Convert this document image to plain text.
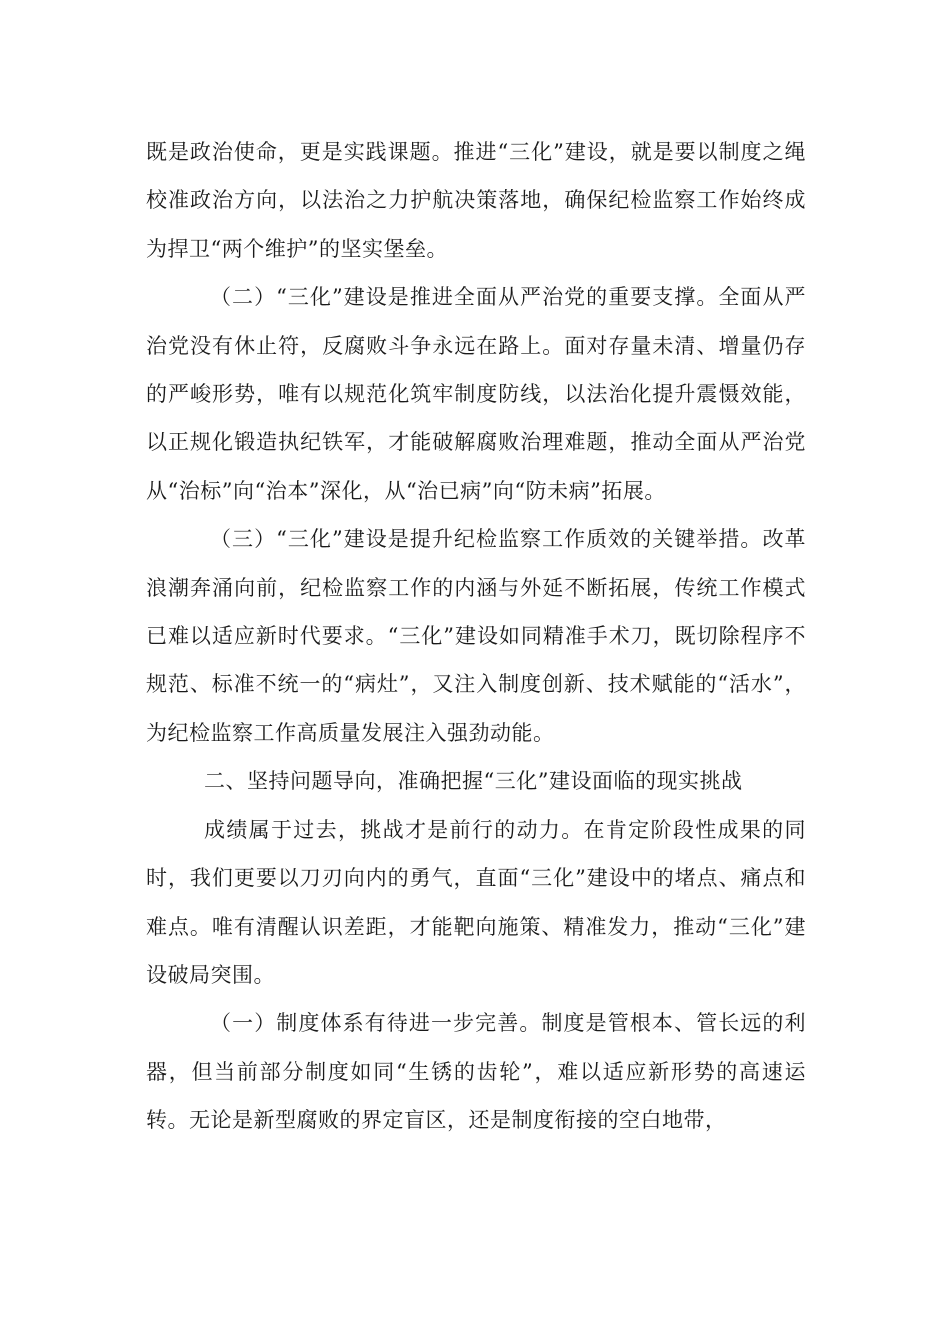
既是政治使命，更是实践课题。推进“三化”建设，就是要以制度之绳校准政治方向，以法治之力护航决策落地，确保纪检监察工作始终成为捍卫“两个维护”的坚实堡垒。

（二）“三化”建设是推进全面从严治党的重要支撑。全面从严治党没有休止符，反腐败斗争永远在路上。面对存量未清、增量仍存的严峻形势，唯有以规范化筑牢制度防线，以法治化提升震慑效能，以正规化锻造执纪铁军，才能破解腐败治理难题，推动全面从严治党从“治标”向“治本”深化，从“治已病”向“防未病”拓展。

（三）“三化”建设是提升纪检监察工作质效的关键举措。改革浪潮奔涌向前，纪检监察工作的内涵与外延不断拓展，传统工作模式已难以适应新时代要求。“三化”建设如同精准手术刀，既切除程序不规范、标准不统一的“病灶”，又注入制度创新、技术赋能的“活水”，为纪检监察工作高质量发展注入强劲动能。

二、坚持问题导向，准确把握“三化”建设面临的现实挑战

成绩属于过去，挑战才是前行的动力。在肯定阶段性成果的同时，我们更要以刀刃向内的勇气，直面“三化”建设中的堵点、痛点和难点。唯有清醒认识差距，才能靶向施策、精准发力，推动“三化”建设破局突围。

（一）制度体系有待进一步完善。制度是管根本、管长远的利器，但当前部分制度如同“生锈的齿轮”，难以适应新形势的高速运转。无论是新型腐败的界定盲区，还是制度衔接的空白地带，
